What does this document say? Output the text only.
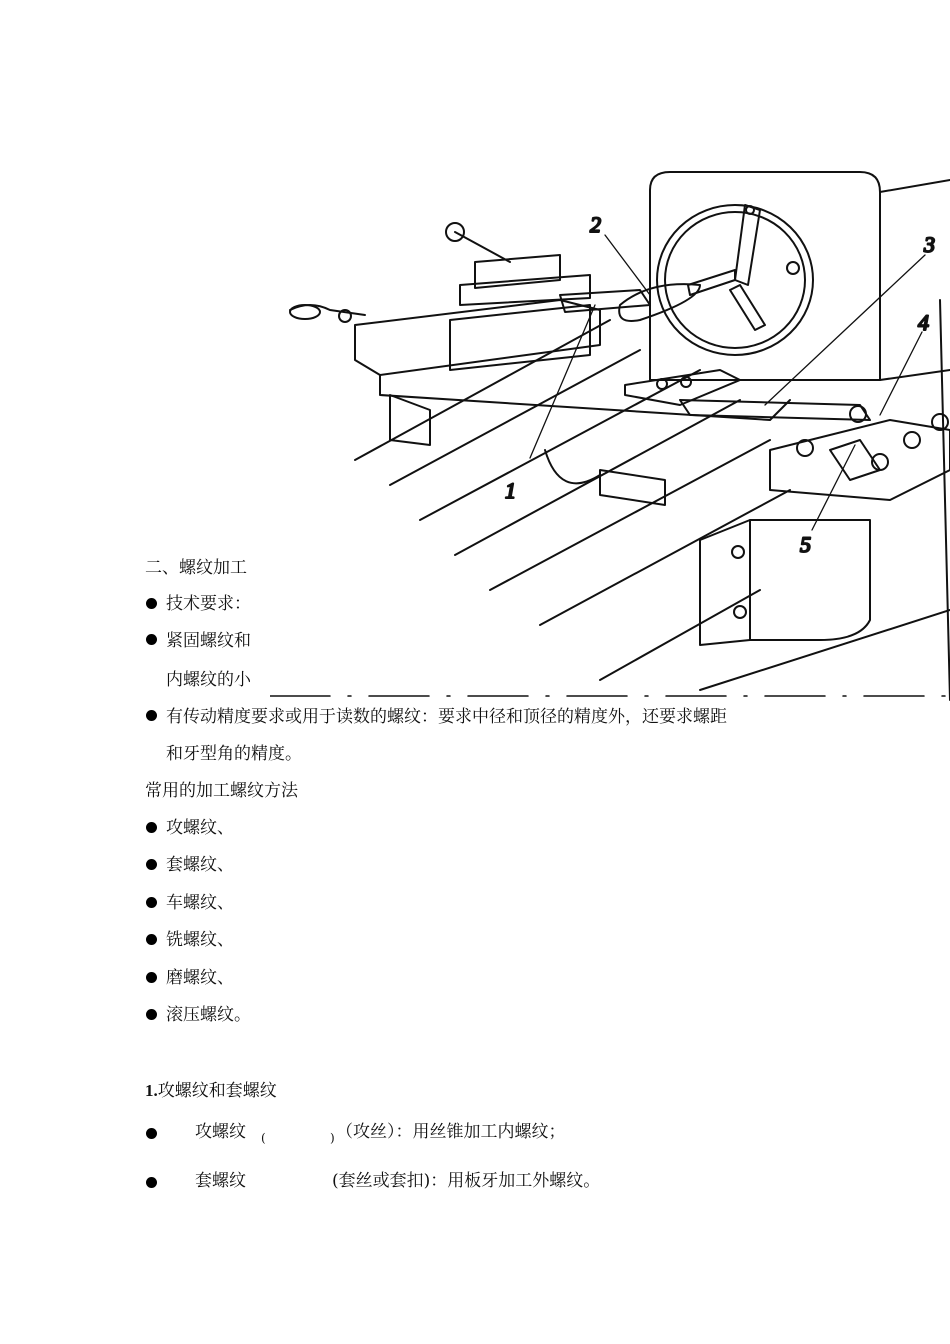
1
2
3
4
5
二、螺纹加工
技术要求：
紧固螺纹和
内螺纹的小
有传动精度要求或用于读数的螺纹：要求中径和顶径的精度外，还要求螺距
和牙型角的精度。
常用的加工螺纹方法
攻螺纹、
套螺纹、
车螺纹、
铣螺纹、
磨螺纹、
滚压螺纹。
1.攻螺纹和套螺纹
攻螺纹 (	) （攻丝）：用丝锥加工内螺纹；
套螺纹	(套丝或套扣)：用板牙加工外螺纹。
